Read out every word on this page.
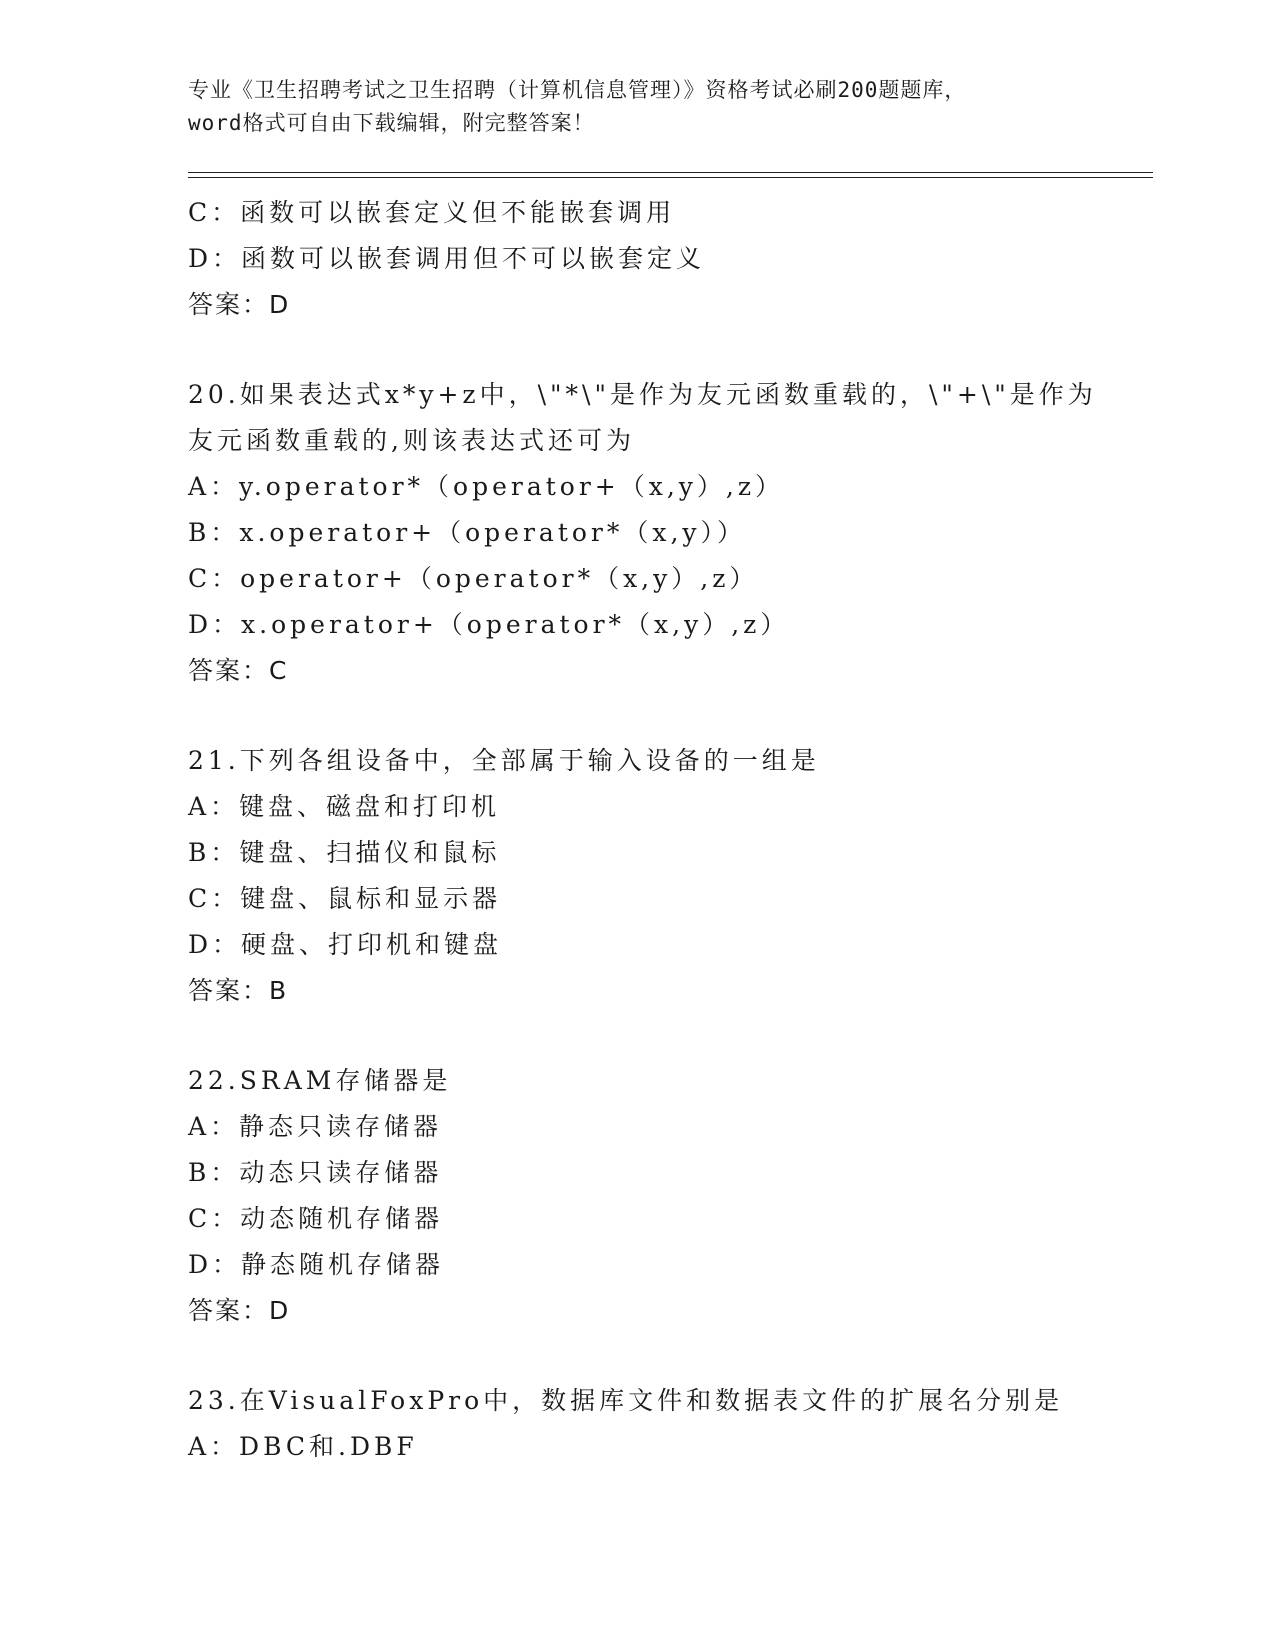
专业《卫生招聘考试之卫生招聘（计算机信息管理）》资格考试必刷200题题库，
word格式可自由下载编辑，附完整答案！
C：函数可以嵌套定义但不能嵌套调用
D：函数可以嵌套调用但不可以嵌套定义
答案：D
20.如果表达式x*y+z中，\"*\"是作为友元函数重载的，\"+\"是作为
友元函数重载的,则该表达式还可为
A：y.operator*（operator+（x,y）,z）
B：x.operator+（operator*（x,y））
C：operator+（operator*（x,y）,z）
D：x.operator+（operator*（x,y）,z）
答案：C
21.下列各组设备中，全部属于输入设备的一组是
A：键盘、磁盘和打印机
B：键盘、扫描仪和鼠标
C：键盘、鼠标和显示器
D：硬盘、打印机和键盘
答案：B
22.SRAM存储器是
A：静态只读存储器
B：动态只读存储器
C：动态随机存储器
D：静态随机存储器
答案：D
23.在VisualFoxPro中，数据库文件和数据表文件的扩展名分别是
A：DBC和.DBF
